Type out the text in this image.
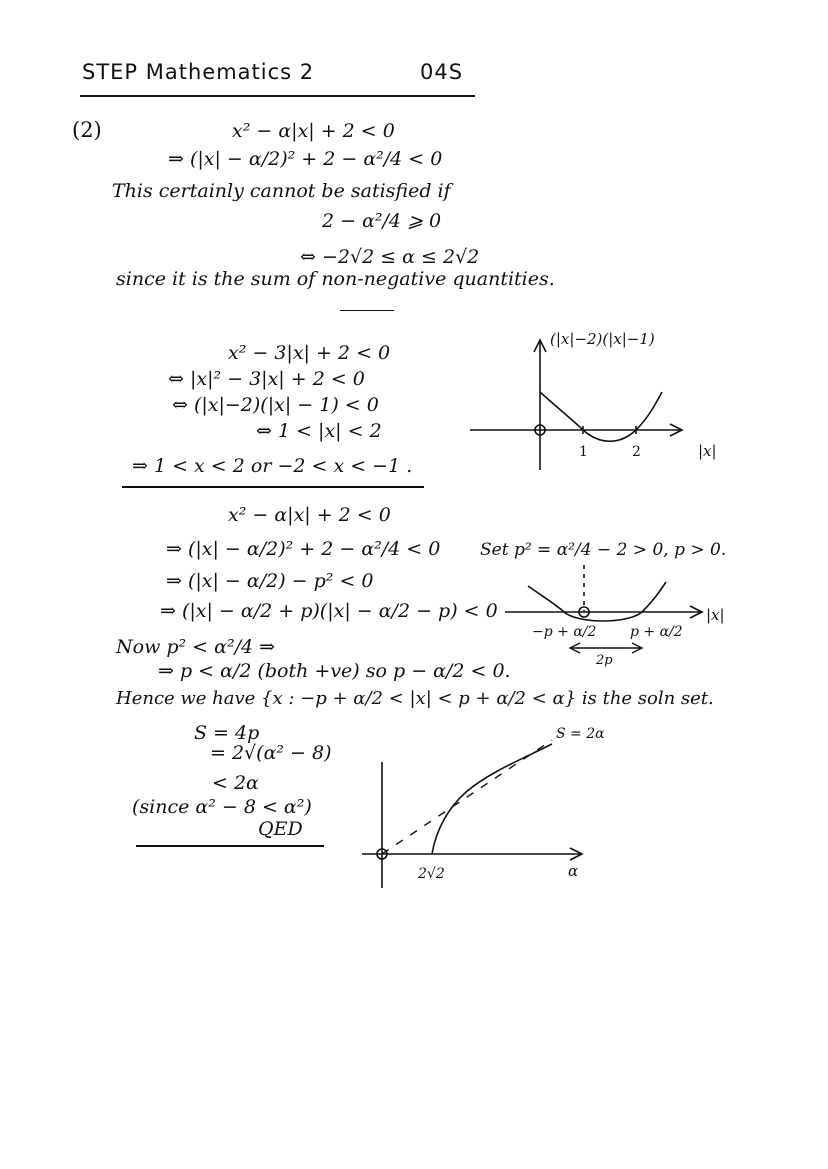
STEP Mathematics 2	04S
(2)	x² − α|x| + 2 < 0
⇒ (|x| − α/2)² + 2 − α²/4 < 0
This certainly cannot be satisfied if
2 − α²/4 ⩾ 0
⇔ −2√2 ≤ α ≤ 2√2
since it is the sum of non-negative quantities.
x² − 3|x| + 2 < 0
⇔ |x|² − 3|x| + 2 < 0
⇔ (|x|−2)(|x| − 1) < 0
⇔ 1 < |x| < 2
⇒ 1 < x < 2 or −2 < x < −1 .
(|x|−2)(|x|−1)
|x|
1	2
x² − α|x| + 2 < 0
⇒ (|x| − α/2)² + 2 − α²/4 < 0 Set p² = α²/4 − 2 > 0, p > 0.
⇒ (|x| − α/2) − p² < 0
⇒ (|x| − α/2 + p)(|x| − α/2 − p) < 0
Now p² < α²/4 ⇒
⇒ p < α/2 (both +ve) so p − α/2 < 0.
Hence we have {x : −p + α/2 < |x| < p + α/2 < α} is the soln set.
|x|
−p + α/2 p + α/2
2p
S = 4p
= 2√(α² − 8)
< 2α
(since α² − 8 < α²)
QED
S = 2α
α
2√2
